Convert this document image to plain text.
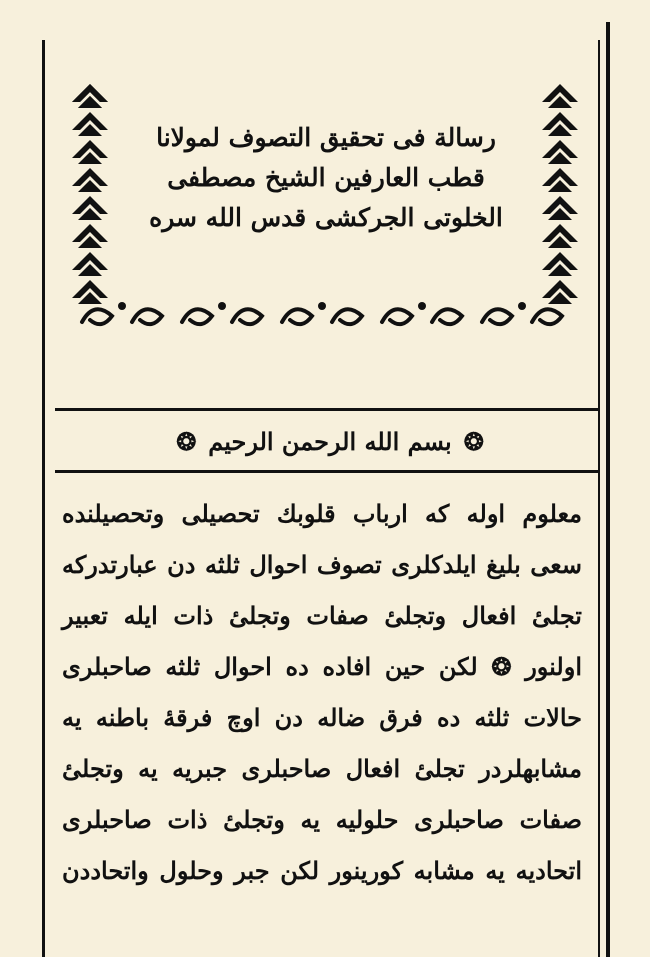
رسالة فى تحقيق التصوف لمولانا
قطب العارفين الشيخ مصطفى
الخلوتى الجركشى قدس الله سره
❂
بسم الله الرحمن الرحيم
❂
معلوم اوله كه ارباب قلوبك تحصيلى وتحصيلنده
سعى بليغ ايلدكلرى تصوف احوال ثلثه دن عبارتدركه
تجلىٔ افعال وتجلىٔ صفات وتجلىٔ ذات ايله تعبير
اولنور ❂ لكن حين افاده ده احوال ثلثه صاحبلرى
حالات ثلثه ده فرق ضاله دن اوچ فرقهٔ باطنه يه
مشابهلردر تجلىٔ افعال صاحبلرى جبريه يه وتجلىٔ
صفات صاحبلرى حلوليه يه وتجلىٔ ذات صاحبلرى
اتحاديه يه مشابه كورينور لكن جبر وحلول واتحاددن
